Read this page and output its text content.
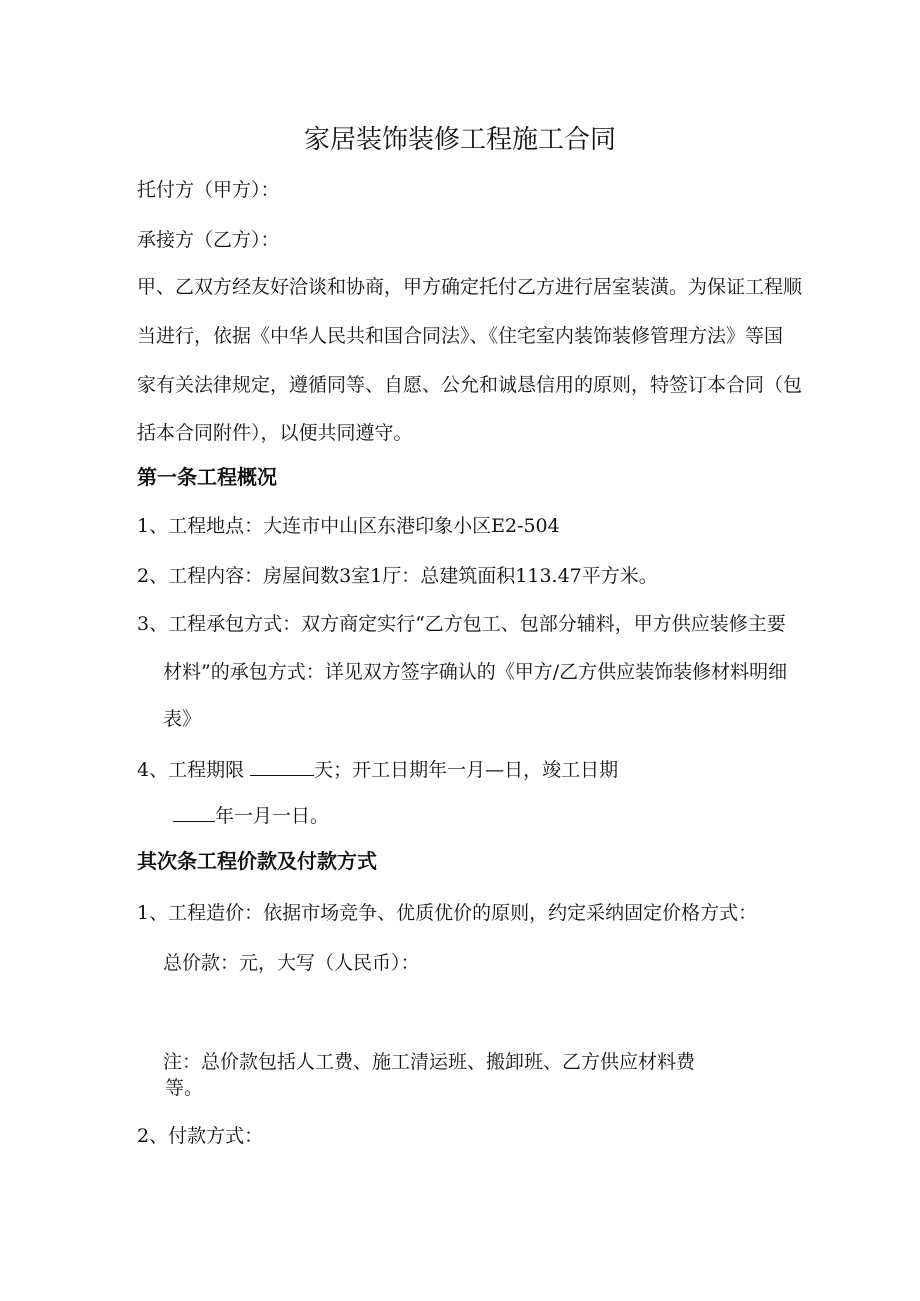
家居装饰装修工程施工合同
托付方（甲方）：
承接方（乙方）：
甲、乙双方经友好洽谈和协商，甲方确定托付乙方进行居室装潢。为保证工程顺
当进行，依据《中华人民共和国合同法》、《住宅室内装饰装修管理方法》等国
家有关法律规定，遵循同等、自愿、公允和诚恳信用的原则，特签订本合同（包
括本合同附件），以便共同遵守。
第一条工程概况
1、工程地点：大连市中山区东港印象小区E2-504
2、工程内容：房屋间数3室1厅：总建筑面积113.47平方米。
3、工程承包方式：双方商定实行“乙方包工、包部分辅料，甲方供应装修主要
材料”的承包方式：详见双方签字确认的《甲方/乙方供应装饰装修材料明细
表》
4、工程期限	天；开工日期年一月—日，竣工日期
年一月一日。
其次条工程价款及付款方式
1、工程造价：依据市场竞争、优质优价的原则，约定采纳固定价格方式：
总价款：元，大写（人民币）：
注：总价款包括人工费、施工清运班、搬卸班、乙方供应材料费
等。
2、付款方式：
